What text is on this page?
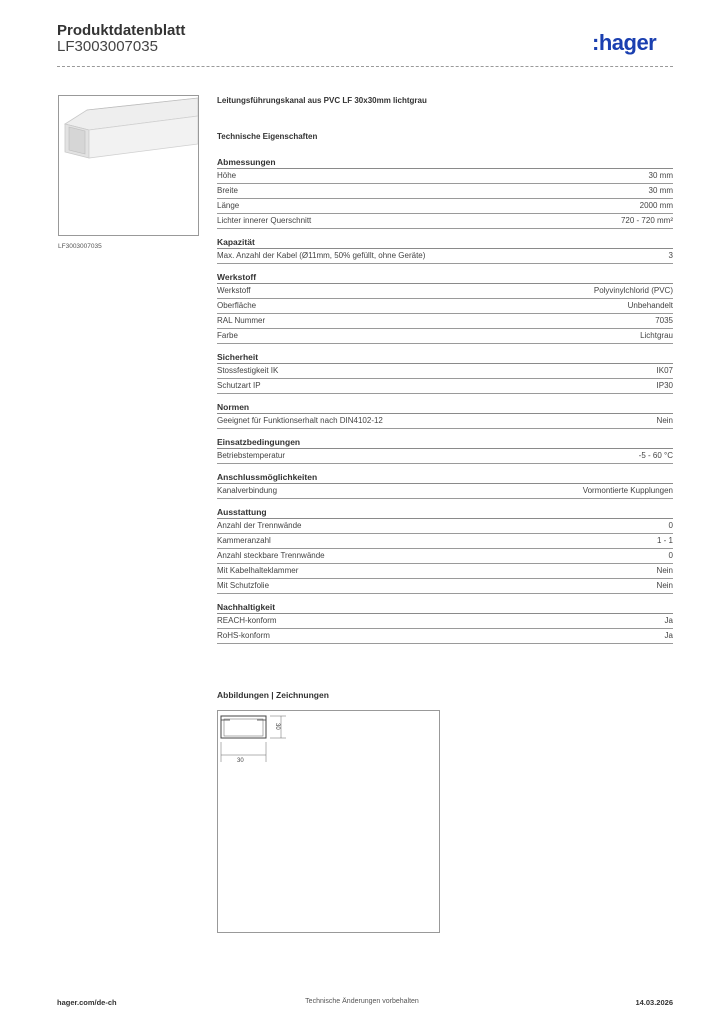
Produktdatenblatt
LF3003007035	:hager
LF3003007035
Leitungsführungskanal aus PVC LF 30x30mm lichtgrau
Technische Eigenschaften
Abmessungen
Höhe	30 mm
Breite	30 mm
Länge	2000 mm
Lichter innerer Querschnitt	720 - 720 mm²
Kapazität
Max. Anzahl der Kabel (Ø11mm, 50% gefüllt, ohne Geräte)	3
Werkstoff
Werkstoff	Polyvinylchlorid (PVC)
Oberfläche	Unbehandelt
RAL Nummer	7035
Farbe	Lichtgrau
Sicherheit
Stossfestigkeit IK	IK07
Schutzart IP	IP30
Normen
Geeignet für Funktionserhalt nach DIN4102-12	Nein
Einsatzbedingungen
Betriebstemperatur	-5 - 60 °C
Anschlussmöglichkeiten
Kanalverbindung	Vormontierte Kupplungen
Ausstattung
Anzahl der Trennwände	0
Kammeranzahl	1 - 1
Anzahl steckbare Trennwände	0
Mit Kabelhalteklammer	Nein
Mit Schutzfolie	Nein
Nachhaltigkeit
REACH-konform	Ja
RoHS-konform	Ja
Abbildungen | Zeichnungen
30
30
hager.com/de-ch	Technische Änderungen vorbehalten	14.03.2026
